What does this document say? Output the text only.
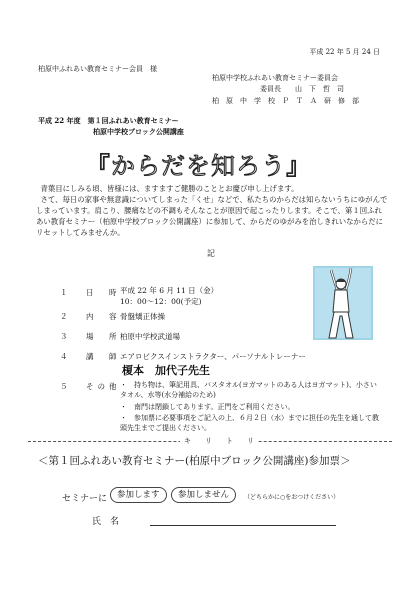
平成 22 年 5 月 24 日
柏原中ふれあい教育セミナー会員　様
柏原中学校ふれあい教育セミナー委員会
委員長　　山　下　哲　司
柏　原　中　学　校　Ｐ　Ｔ　Ａ　研　修　部
平成 22 年度　第１回ふれあい教育セミナー
柏原中学校ブロック公開講座
『からだを知ろう』
青葉目にしみる頃、皆様には、ますますご健勝のこととお慶び申し上げます。
さて、毎日の家事や無意識についてしまった「くせ」などで、私たちのからだは知らないうちにゆがんでしまっています。肩こり、腰痛などの不調もそんなことが原因で起こったりします。そこで、第１回ふれあい教育セミナー（柏原中学校ブロック公開講座）に参加して、からだのゆがみを治しきれいなからだにリセットしてみませんか。
記
１ 日　時 平成 22 年 6 月 11 日（金）
10：00～12：00(予定)
２ 内　容 骨盤矯正体操
３ 場　所 柏原中学校武道場
４ 講　師 エアロビクスインストラクター、パーソナルトレーナー
榎本　加代子先生
５ その他 ・　持ち物は、筆記用具、バスタオル(ヨガマットのある人はヨガマット)、小さいタオル、水等(水分補給のため)
・　南門は閉鎖してあります。正門をご利用ください。
・　参加票に必要事項をご記入の上、６月２日（水）までに担任の先生を通して教頭先生までご提出ください。
キ　　リ　　ト　　リ
＜第１回ふれあい教育セミナー(柏原中ブロック公開講座)参加票＞
セミナーに	参加します	参加しません	（どちらかに○をおつけください）
氏　名
